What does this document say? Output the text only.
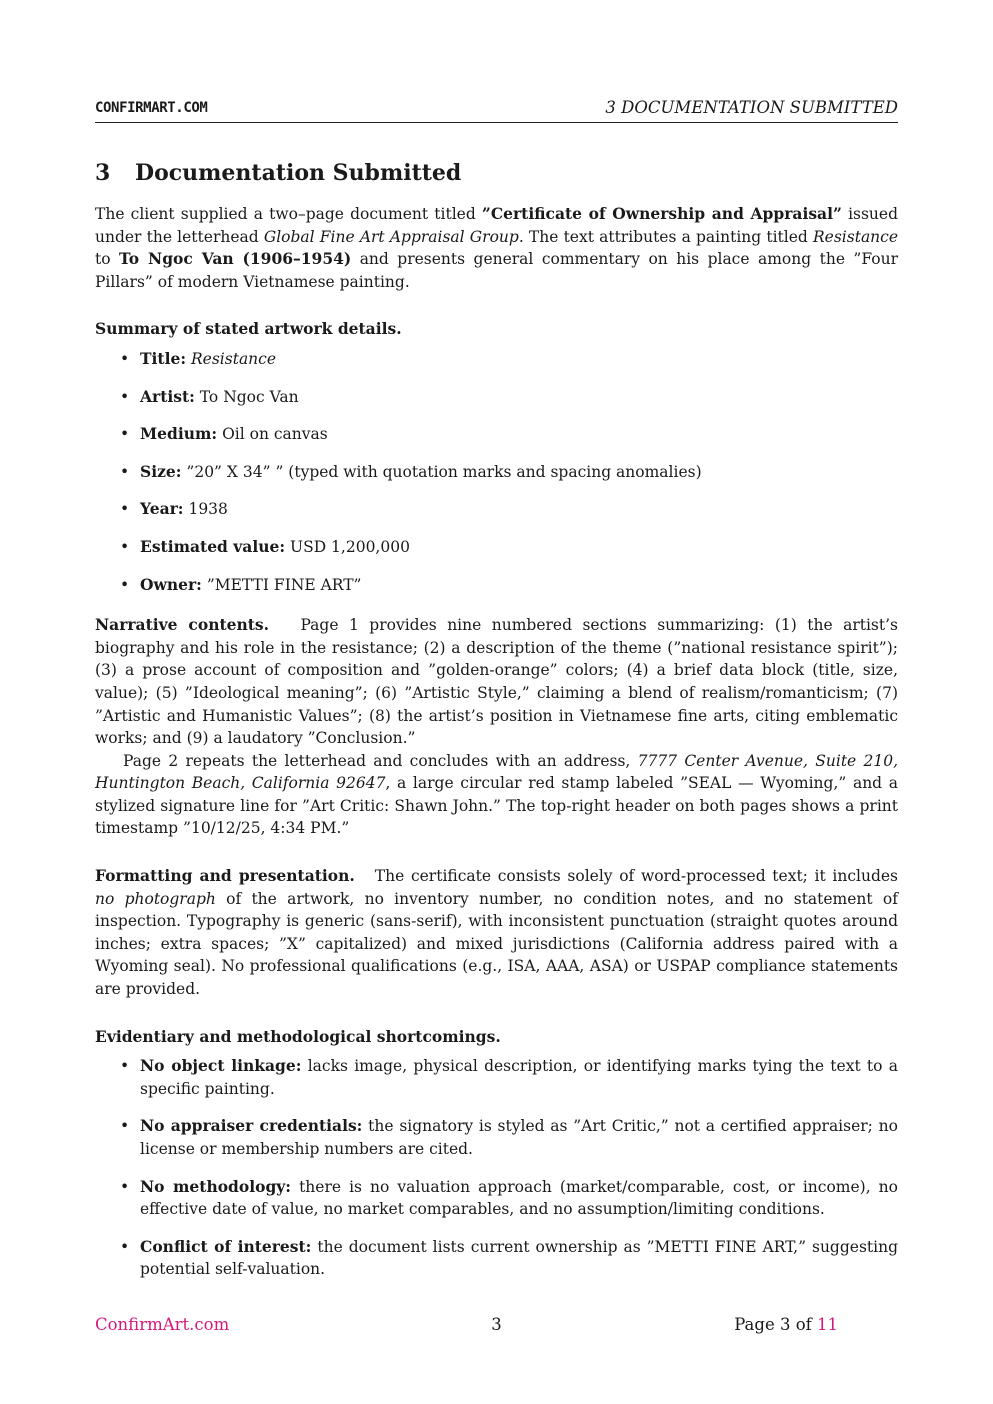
CONFIRMART.COM	3 DOCUMENTATION SUBMITTED
3 Documentation Submitted

The client supplied a two–page document titled ”Certificate of Ownership and Appraisal” issued under the letterhead Global Fine Art Appraisal Group. The text attributes a painting titled Resistance to To Ngoc Van (1906–1954) and presents general commentary on his place among the ”Four Pillars” of modern Vietnamese painting.

Summary of stated artwork details.

• Title: Resistance
• Artist: To Ngoc Van
• Medium: Oil on canvas
• Size: ”20” X 34” ” (typed with quotation marks and spacing anomalies)
• Year: 1938
• Estimated value: USD 1,200,000
• Owner: ”METTI FINE ART”

Narrative contents. Page 1 provides nine numbered sections summarizing: (1) the artist’s biography and his role in the resistance; (2) a description of the theme (”national resistance spirit”); (3) a prose account of composition and ”golden-orange” colors; (4) a brief data block (title, size, value); (5) ”Ideological meaning”; (6) ”Artistic Style,” claiming a blend of realism/romanticism; (7) ”Artistic and Humanistic Values”; (8) the artist’s position in Vietnamese fine arts, citing emblematic works; and (9) a laudatory ”Conclusion.”

Page 2 repeats the letterhead and concludes with an address, 7777 Center Avenue, Suite 210, Huntington Beach, California 92647, a large circular red stamp labeled ”SEAL — Wyoming,” and a stylized signature line for ”Art Critic: Shawn John.” The top-right header on both pages shows a print timestamp ”10/12/25, 4:34 PM.”

Formatting and presentation. The certificate consists solely of word-processed text; it includes no photograph of the artwork, no inventory number, no condition notes, and no statement of inspection. Typography is generic (sans-serif), with inconsistent punctuation (straight quotes around inches; extra spaces; ”X” capitalized) and mixed jurisdictions (California address paired with a Wyoming seal). No professional qualifications (e.g., ISA, AAA, ASA) or USPAP compliance statements are provided.

Evidentiary and methodological shortcomings.

• No object linkage: lacks image, physical description, or identifying marks tying the text to a specific painting.
• No appraiser credentials: the signatory is styled as ”Art Critic,” not a certified appraiser; no license or membership numbers are cited.
• No methodology: there is no valuation approach (market/comparable, cost, or income), no effective date of value, no market comparables, and no assumption/limiting conditions.
• Conflict of interest: the document lists current ownership as ”METTI FINE ART,” suggesting potential self-valuation.
ConfirmArt.com	3	Page 3 of 11
